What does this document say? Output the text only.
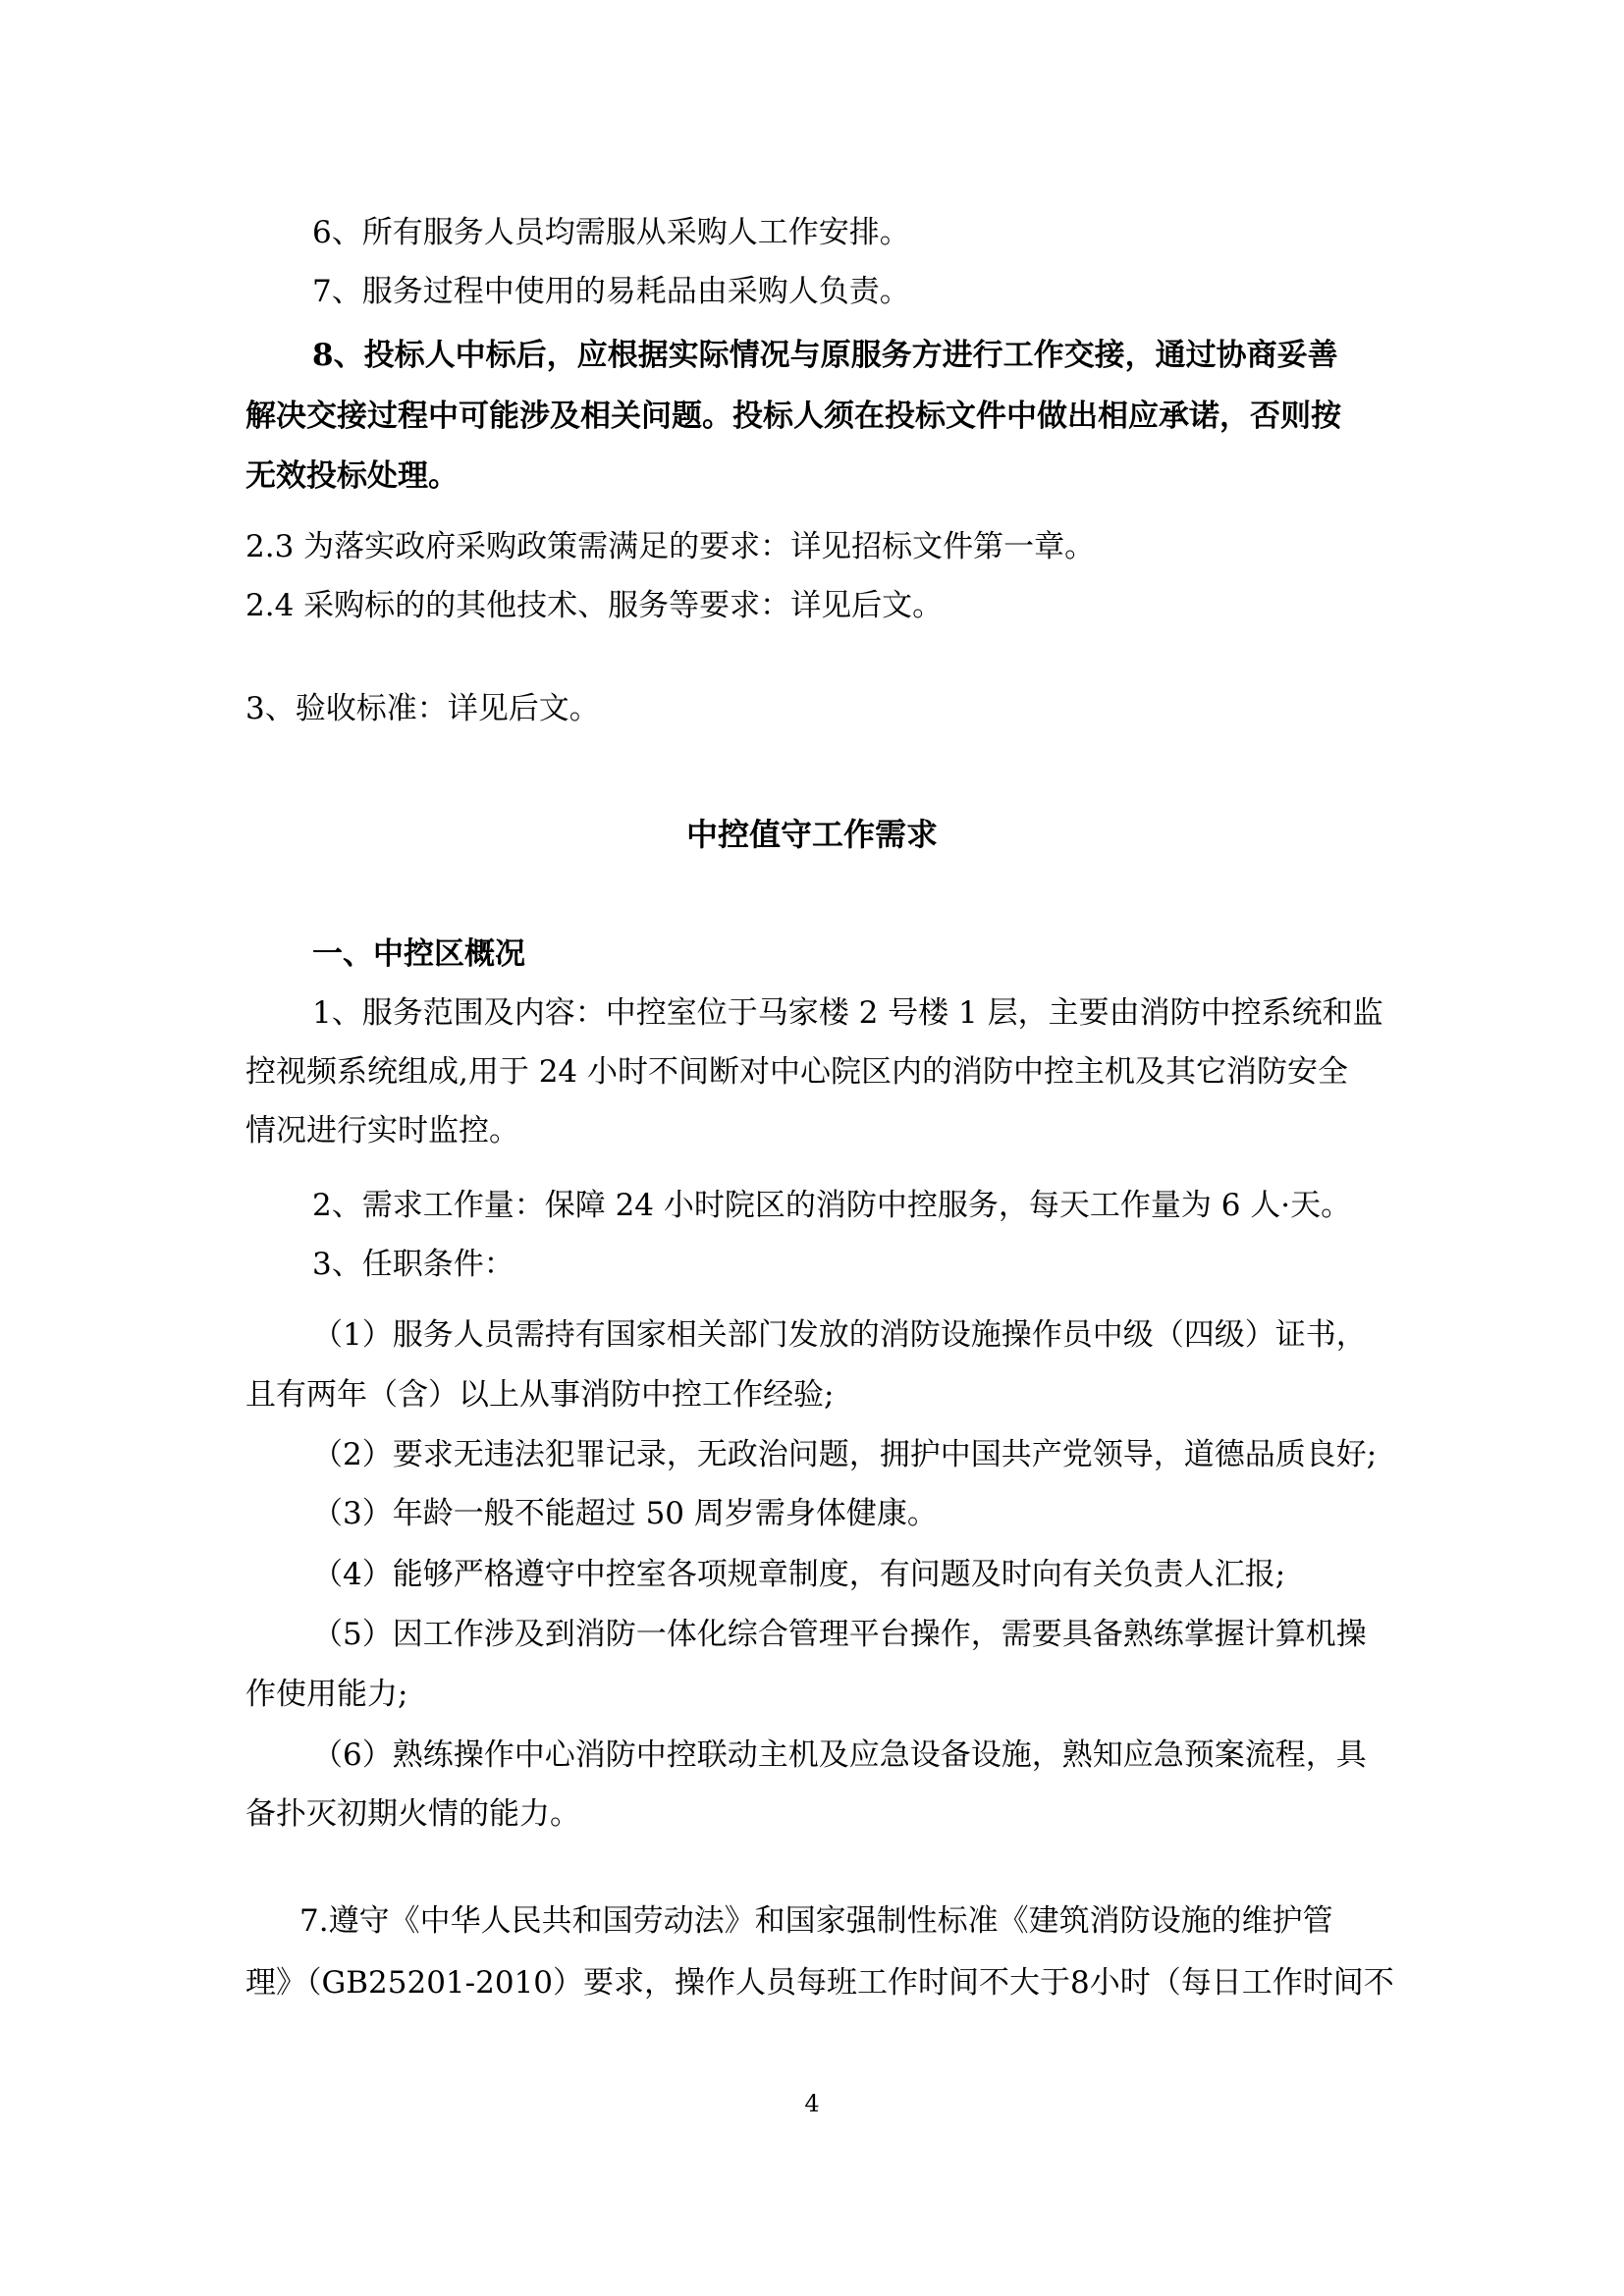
6、所有服务人员均需服从采购人工作安排。
7、服务过程中使用的易耗品由采购人负责。
8、投标人中标后，应根据实际情况与原服务方进行工作交接，通过协商妥善
解决交接过程中可能涉及相关问题。投标人须在投标文件中做出相应承诺，否则按
无效投标处理。
2.3 为落实政府采购政策需满足的要求：详见招标文件第一章。
2.4 采购标的的其他技术、服务等要求：详见后文。
3、验收标准：详见后文。
中控值守工作需求
一、中控区概况
1、服务范围及内容：中控室位于马家楼 2 号楼 1 层，主要由消防中控系统和监
控视频系统组成,用于 24 小时不间断对中心院区内的消防中控主机及其它消防安全
情况进行实时监控。
2、需求工作量：保障 24 小时院区的消防中控服务，每天工作量为 6 人·天。
3、任职条件：
（1）服务人员需持有国家相关部门发放的消防设施操作员中级（四级）证书，
且有两年（含）以上从事消防中控工作经验;
（2）要求无违法犯罪记录，无政治问题，拥护中国共产党领导，道德品质良好;
（3）年龄一般不能超过 50 周岁需身体健康。
（4）能够严格遵守中控室各项规章制度，有问题及时向有关负责人汇报;
（5）因工作涉及到消防一体化综合管理平台操作，需要具备熟练掌握计算机操
作使用能力;
（6）熟练操作中心消防中控联动主机及应急设备设施，熟知应急预案流程，具
备扑灭初期火情的能力。
7.遵守《中华人民共和国劳动法》和国家强制性标准《建筑消防设施的维护管
理》（GB25201-2010）要求，操作人员每班工作时间不大于8小时（每日工作时间不
4
